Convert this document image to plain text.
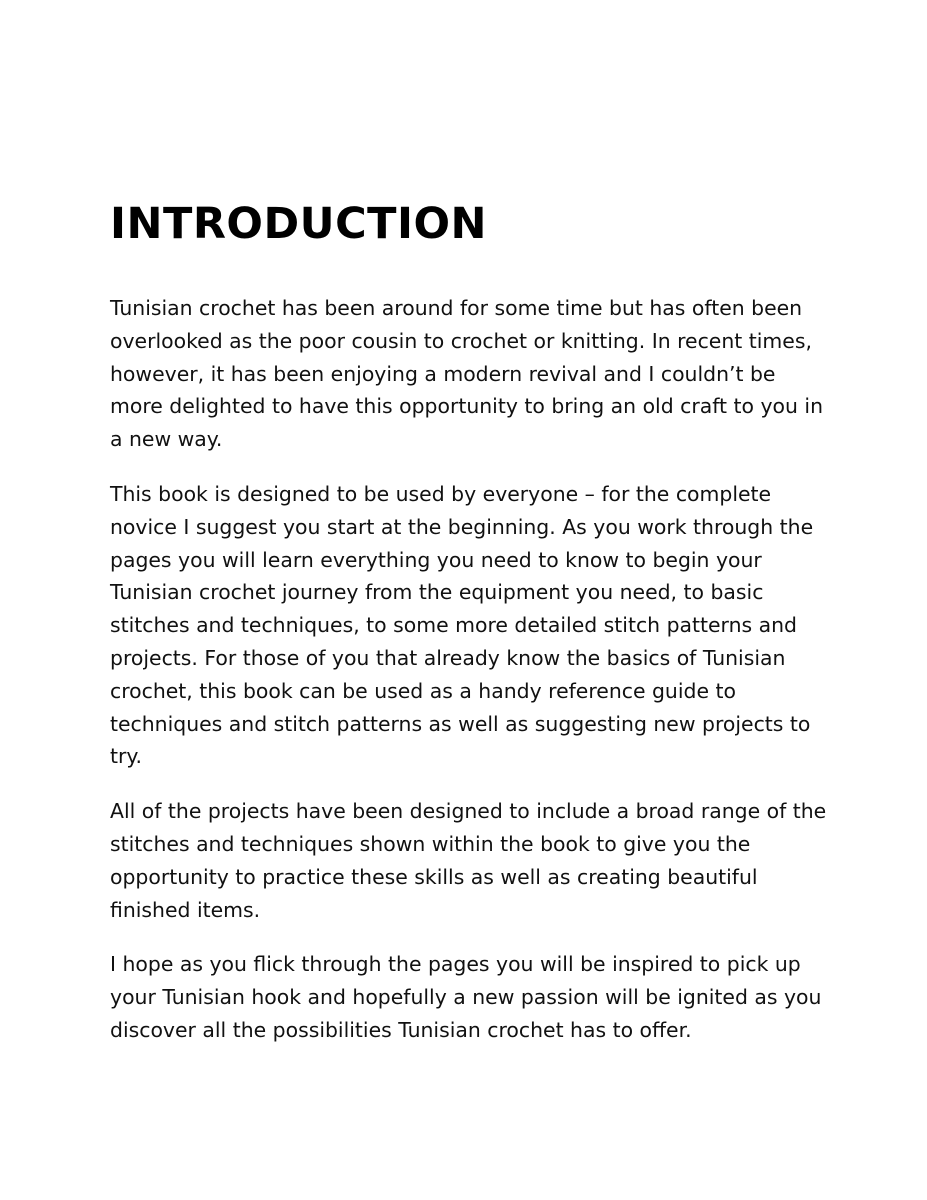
INTRODUCTION

Tunisian crochet has been around for some time but has often been overlooked as the poor cousin to crochet or knitting. In recent times, however, it has been enjoying a modern revival and I couldn’t be more delighted to have this opportunity to bring an old craft to you in a new way.

This book is designed to be used by everyone – for the complete novice I suggest you start at the beginning. As you work through the pages you will learn everything you need to know to begin your Tunisian crochet journey from the equipment you need, to basic stitches and techniques, to some more detailed stitch patterns and projects. For those of you that already know the basics of Tunisian crochet, this book can be used as a handy reference guide to techniques and stitch patterns as well as suggesting new projects to try.

All of the projects have been designed to include a broad range of the stitches and techniques shown within the book to give you the opportunity to practice these skills as well as creating beautiful finished items.

I hope as you flick through the pages you will be inspired to pick up your Tunisian hook and hopefully a new passion will be ignited as you discover all the possibilities Tunisian crochet has to offer.
